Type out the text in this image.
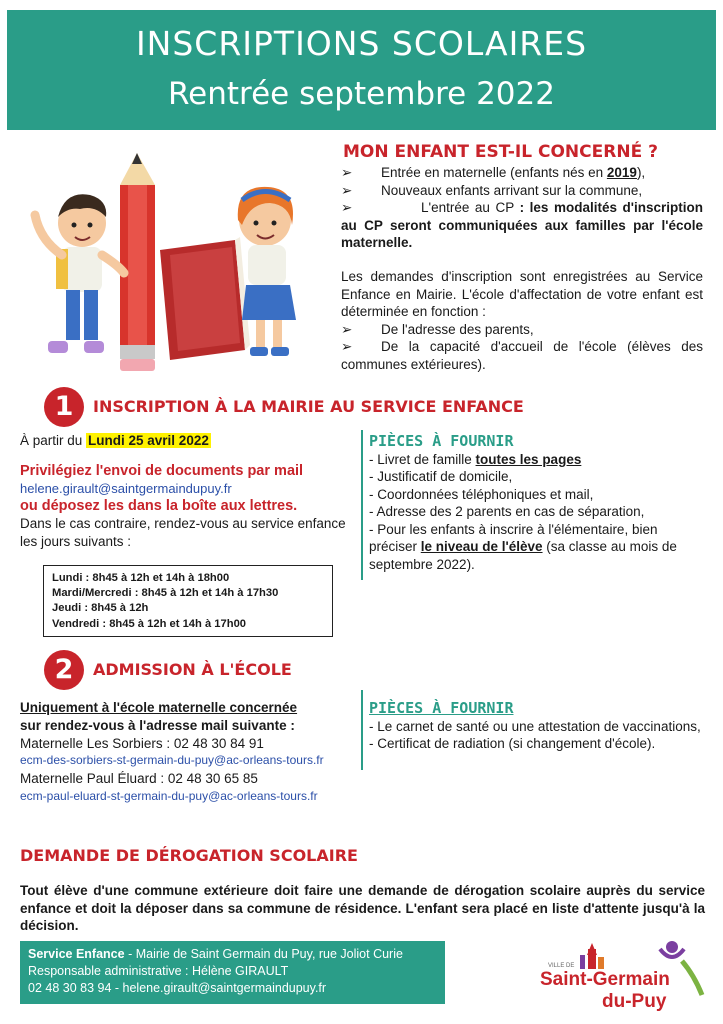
INSCRIPTIONS SCOLAIRES
Rentrée septembre 2022
MON ENFANT EST-IL CONCERNÉ ?
➢ Entrée en maternelle (enfants nés en 2019),
➢ Nouveaux enfants arrivant sur la commune,
➢	L'entrée au CP : les modalités d'inscription au CP seront communiquées aux familles par l'école maternelle.
Les demandes d'inscription sont enregistrées au Service Enfance en Mairie. L'école d'affectation de votre enfant est déterminée en fonction :
➢ De l'adresse des parents,
➢ De la capacité d'accueil de l'école (élèves des communes extérieures).
1	INSCRIPTION À LA MAIRIE AU SERVICE ENFANCE
À partir du Lundi 25 avril 2022
Privilégiez l'envoi de documents par mail
helene.girault@saintgermaindupuy.fr
ou déposez les dans la boîte aux lettres.
Dans le cas contraire, rendez-vous au service enfance les jours suivants :
Lundi : 8h45 à 12h et 14h à 18h00
Mardi/Mercredi : 8h45 à 12h et 14h à 17h30
Jeudi : 8h45 à 12h
Vendredi : 8h45 à 12h et 14h à 17h00
PIÈCES À FOURNIR
- Livret de famille toutes les pages
- Justificatif de domicile,
- Coordonnées téléphoniques et mail,
- Adresse des 2 parents en cas de séparation,
- Pour les enfants à inscrire à l'élémentaire, bien préciser le niveau de l'élève (sa classe au mois de septembre 2022).
2	ADMISSION À L'ÉCOLE
Uniquement à l'école maternelle concernée
sur rendez-vous à l'adresse mail suivante :
Maternelle Les Sorbiers : 02 48 30 84 91
ecm-des-sorbiers-st-germain-du-puy@ac-orleans-tours.fr
Maternelle Paul Éluard : 02 48 30 65 85
ecm-paul-eluard-st-germain-du-puy@ac-orleans-tours.fr
PIÈCES À FOURNIR
- Le carnet de santé ou une attestation de vaccinations,
- Certificat de radiation (si changement d'école).
DEMANDE DE DÉROGATION SCOLAIRE
Tout élève d'une commune extérieure doit faire une demande de dérogation scolaire auprès du service enfance et doit la déposer dans sa commune de résidence. L'enfant sera placé en liste d'attente jusqu'à la décision.
Service Enfance - Mairie de Saint Germain du Puy, rue Joliot Curie
Responsable administrative : Hélène GIRAULT
02 48 30 83 94 - helene.girault@saintgermaindupuy.fr
VILLE DE
Saint-Germain
du-Puy
